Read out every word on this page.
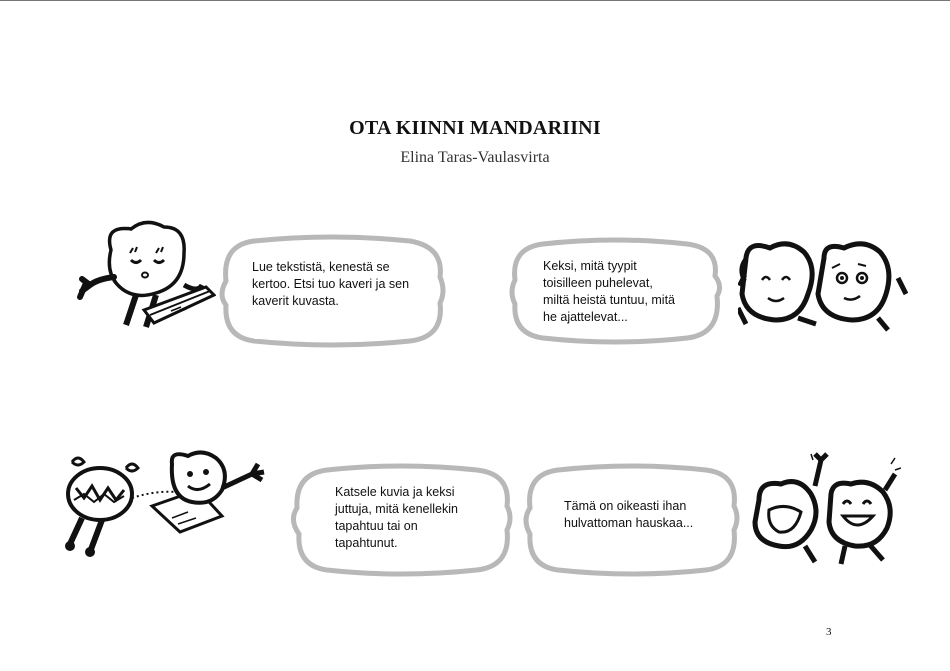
OTA KIINNI MANDARIINI
Elina Taras-Vaulasvirta
Lue tekstistä, kenestä se
kertoo. Etsi tuo kaveri ja sen
kaverit kuvasta.
Keksi, mitä tyypit
toisilleen puhelevat,
miltä heistä tuntuu, mitä
he ajattelevat...
Katsele kuvia ja keksi
juttuja, mitä kenellekin
tapahtuu tai on
tapahtunut.
Tämä on oikeasti ihan
hulvattoman hauskaa...
3
